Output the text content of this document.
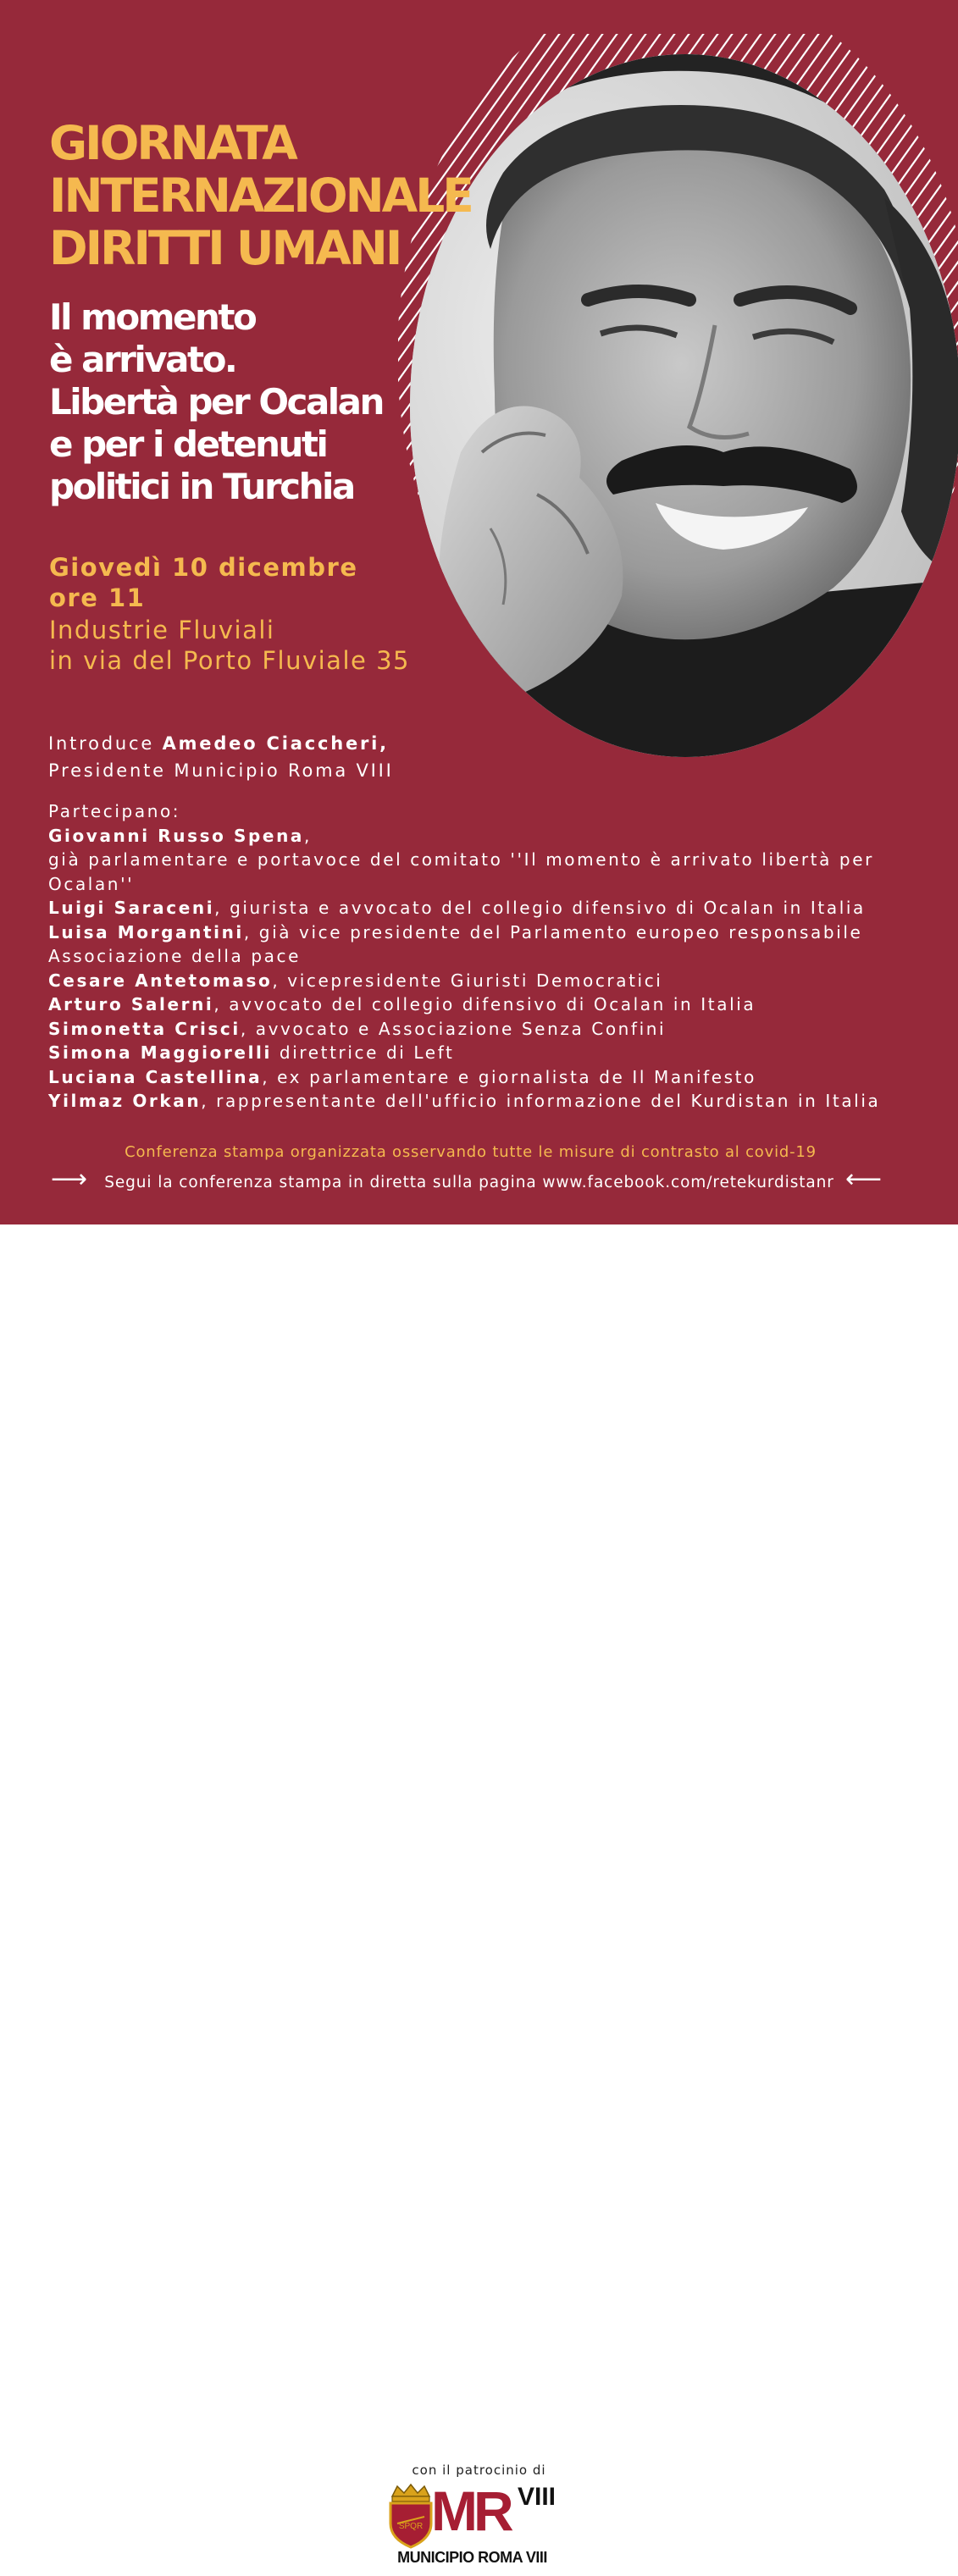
GIORNATA
INTERNAZIONALE
DIRITTI UMANI
Il momento
è arrivato.
Libertà per Ocalan
e per i detenuti
politici in Turchia
Giovedì 10 dicembre
ore 11
Industrie Fluviali
in via del Porto Fluviale 35
Introduce Amedeo Ciaccheri,
Presidente Municipio Roma VIII
Partecipano:
Giovanni Russo Spena,
già parlamentare e portavoce del comitato ''Il momento è arrivato libertà per Ocalan''
Luigi Saraceni, giurista e avvocato del collegio difensivo di Ocalan in Italia
Luisa Morgantini, già vice presidente del Parlamento europeo responsabile
Associazione della pace
Cesare Antetomaso, vicepresidente Giuristi Democratici
Arturo Salerni, avvocato del collegio difensivo di Ocalan in Italia
Simonetta Crisci, avvocato e Associazione Senza Confini
Simona Maggiorelli direttrice di Left
Luciana Castellina, ex parlamentare e giornalista de Il Manifesto
Yilmaz Orkan, rappresentante dell'ufficio informazione del Kurdistan in Italia
Conferenza stampa organizzata osservando tutte le misure di contrasto al covid-19
⟶	Segui la conferenza stampa in diretta sulla pagina www.facebook.com/retekurdistanr ⟵
con il patrocinio di
SPQR MR VIII
MUNICIPIO ROMA VIII
